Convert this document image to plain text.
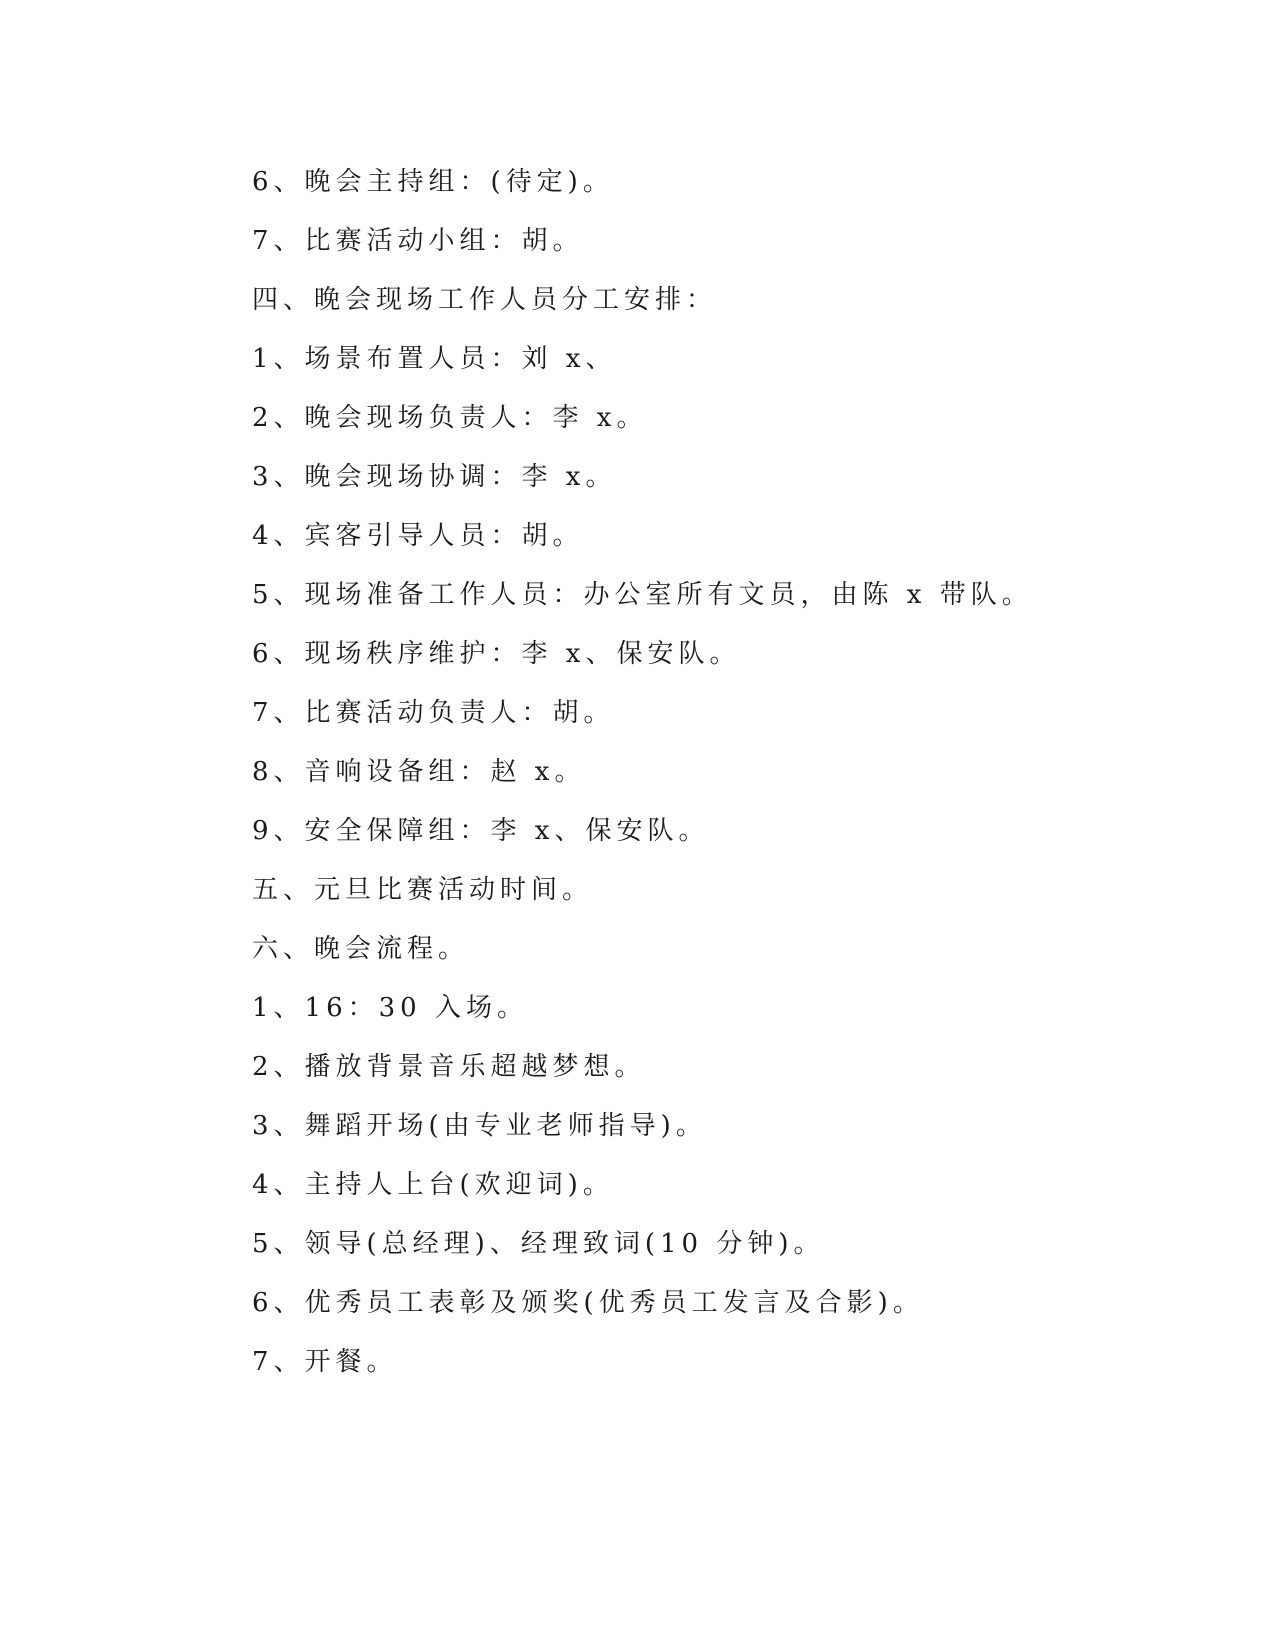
6、晚会主持组：(待定)。
7、比赛活动小组：胡。
四、晚会现场工作人员分工安排：
1、场景布置人员：刘 x、
2、晚会现场负责人：李 x。
3、晚会现场协调：李 x。
4、宾客引导人员：胡。
5、现场准备工作人员：办公室所有文员，由陈 x 带队。
6、现场秩序维护：李 x、保安队。
7、比赛活动负责人：胡。
8、音响设备组：赵 x。
9、安全保障组：李 x、保安队。
五、元旦比赛活动时间。
六、晚会流程。
1、16：30 入场。
2、播放背景音乐超越梦想。
3、舞蹈开场(由专业老师指导)。
4、主持人上台(欢迎词)。
5、领导(总经理)、经理致词(10 分钟)。
6、优秀员工表彰及颁奖(优秀员工发言及合影)。
7、开餐。
